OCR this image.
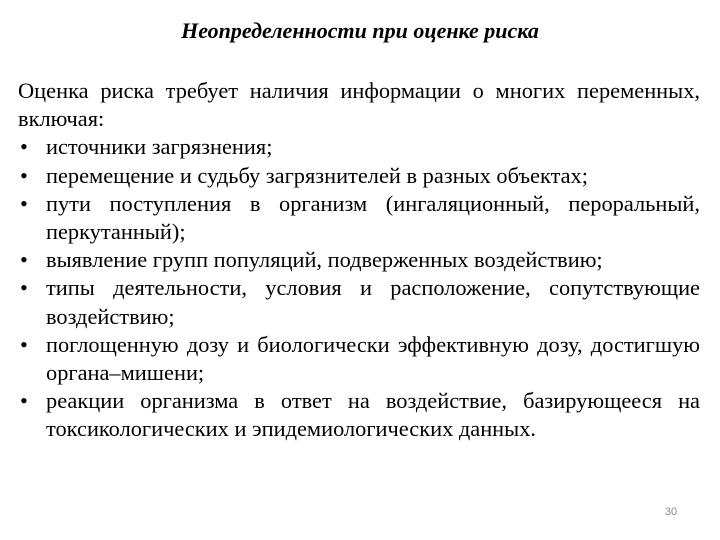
Неопределенности при оценке риска

Оценка риска требует наличия информации о многих переменных, включая:

• источники загрязнения;
• перемещение и судьбу загрязнителей в разных объектах;
• пути поступления в организм (ингаляционный, пероральный, перкутанный);
• выявление групп популяций, подверженных воздействию;
• типы деятельности, условия и расположение, сопутствующие воздействию;
• поглощенную дозу и биологически эффективную дозу, достигшую органа–мишени;
• реакции организма в ответ на воздействие, базирующееся на токсикологических и эпидемиологических данных.
30
